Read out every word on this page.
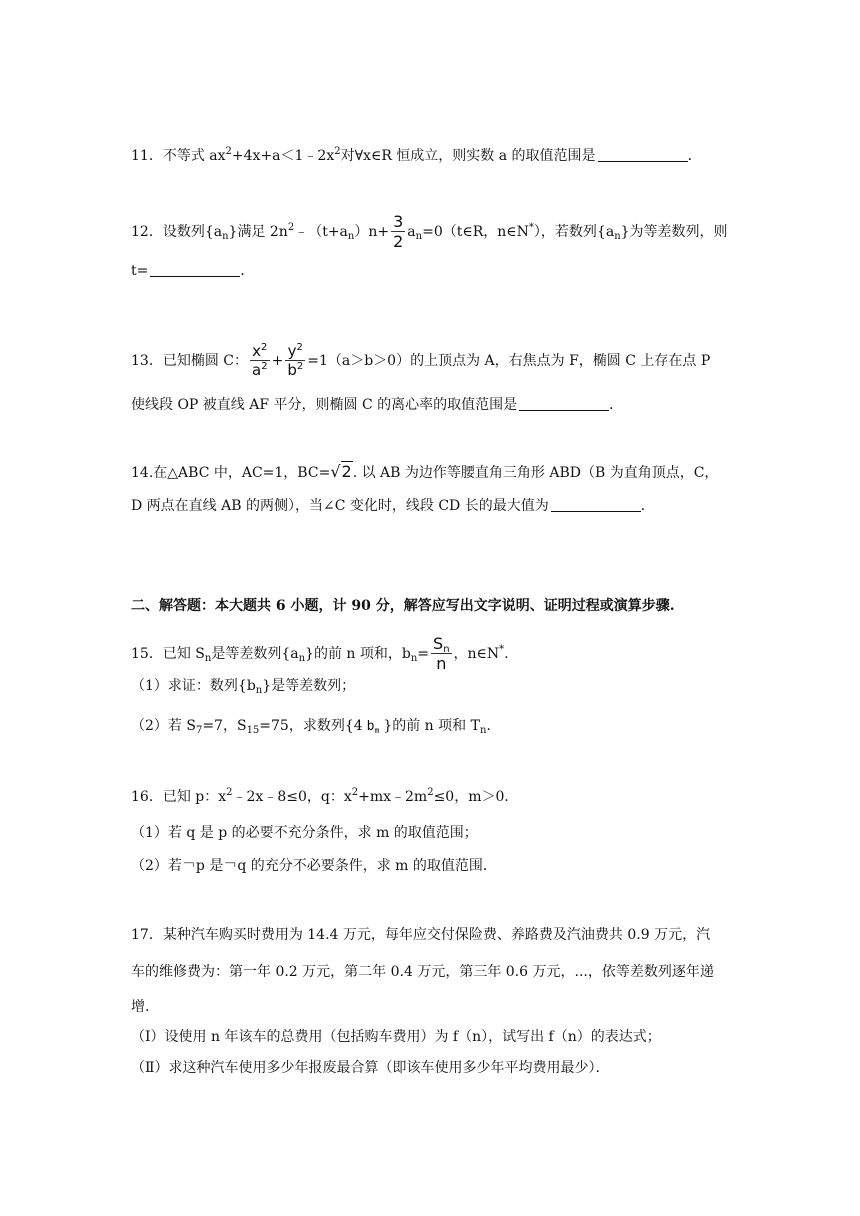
11．不等式 $ax^2+4x+a<1﹣2x^2$对∀x∈R 恒成立，则实数 a 的取值范围是	．
12．设数列$\{a_n\}$满足 $2n^2﹣(t+a_n)n+ \frac{3}{2}$ $a_n=0(t\in R$，n∈N*），若数列$\{a_n\}$为等差数列，则
t=	．
13．已知椭圆 C： $\frac{x^2}{a^2} + \frac{y^2}{b^2} =1(a>b>0)$的上顶点为 A，右焦点为 F，椭圆 C 上存在点 P
使线段 OP 被直线 AF 平分，则椭圆 C 的离心率的取值范围是	．
14.在△ABC 中，AC=1，BC=√2. 以 AB 为边作等腰直角三角形 ABD（B 为直角顶点，C，
D 两点在直线 AB 的两侧），当∠C 变化时，线段 CD 长的最大值为	．
二、解答题：本大题共 6 小题，计 90 分，解答应写出文字说明、证明过程或演算步骤.
15．已知 $S_n$是等差数列$\{a_n\}$的前 n 项和，$b_n= \frac{S_n}{n}$ ，n∈N*.
（1）求证：数列$\{b_n\}$是等差数列；
（2）若 $S_7=7$，$S_{15}=75$，求数列{4 $b_m$ }的前 n 项和 $T_n$.
16．已知 p：$x^2﹣2x﹣8\le 0$，q：$x^2+mx﹣2m^2\le 0$，m＞0．
（1）若 q 是 p 的必要不充分条件，求 m 的取值范围；
（2）若￢p 是￢q 的充分不必要条件，求 m 的取值范围．
17．某种汽车购买时费用为 14.4 万元，每年应交付保险费、养路费及汽油费共 0.9 万元，汽
车的维修费为：第一年 0.2 万元，第二年 0.4 万元，第三年 0.6 万元，...，依等差数列逐年递
增.
（Ⅰ）设使用 n 年该车的总费用（包括购车费用）为 f（n），试写出 f（n）的表达式；
（Ⅱ）求这种汽车使用多少年报废最合算（即该车使用多少年平均费用最少）．
